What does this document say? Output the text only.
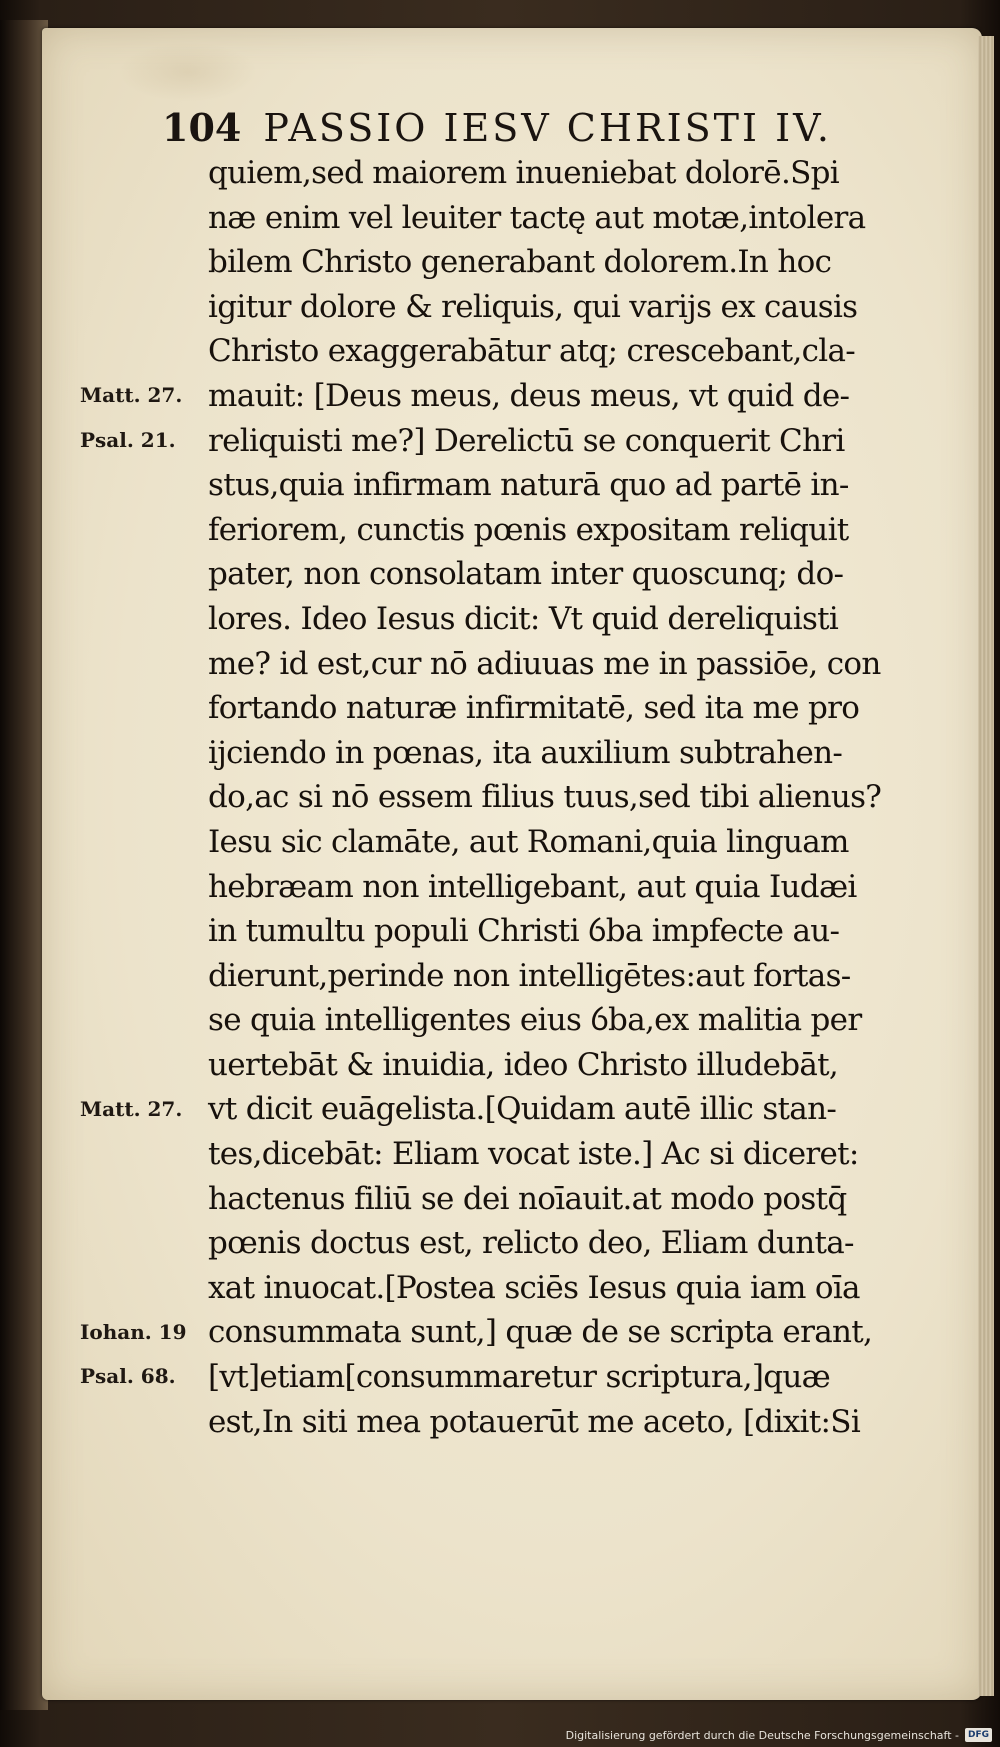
104 PASSIO IESV CHRISTI IV.
quiem,sed maiorem inueniebat dolorē.Spi
næ enim vel leuiter tactę aut motæ,intolera
bilem Christo generabant dolorem.In hoc
igitur dolore & reliquis, qui varijs ex causis
Christo exaggerabātur atq; crescebant,cla-
mauit: [Deus meus, deus meus, vt quid de-
reliquisti me?] Derelictū se conquerit Chri
stus,quia infirmam naturā quo ad partē in-
feriorem, cunctis pœnis expositam reliquit
pater, non consolatam inter quoscunq; do-
lores. Ideo Iesus dicit: Vt quid dereliquisti
me? id est,cur nō adiuuas me in passiōe, con
fortando naturæ infirmitatē, sed ita me pro
ijciendo in pœnas, ita auxilium subtrahen-
do,ac si nō essem filius tuus,sed tibi alienus?
Iesu sic clamāte, aut Romani,quia linguam
hebræam non intelligebant, aut quia Iudæi
in tumultu populi Christi ỽba impfecte au-
dierunt,perinde non intelligētes:aut fortas-
se quia intelligentes eius ỽba,ex malitia per
uertebāt & inuidia, ideo Christo illudebāt,
vt dicit euāgelista.[Quidam autē illic stan-
tes,dicebāt: Eliam vocat iste.] Ac si diceret:
hactenus filiū se dei noīauit.at modo postq̄
pœnis doctus est, relicto deo, Eliam dunta-
xat inuocat.[Postea sciēs Iesus quia iam oīa
consummata sunt,] quæ de se scripta erant,
[vt]etiam[consummaretur scriptura,]quæ
est,In siti mea potauerūt me aceto, [dixit:Si
Matt. 27.
Psal. 21.
Matt. 27.
Iohan. 19
Psal. 68.
Digitalisierung gefördert durch die Deutsche Forschungsgemeinschaft -	DFG
